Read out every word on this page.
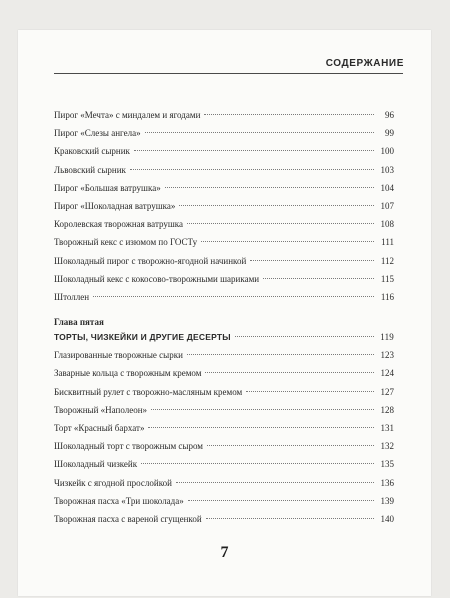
СОДЕРЖАНИЕ
Пирог «Мечта» с миндалем и ягодами	96
Пирог «Слезы ангела»	99
Краковский сырник	100
Львовский сырник	103
Пирог «Большая ватрушка»	104
Пирог «Шоколадная ватрушка»	107
Королевская творожная ватрушка	108
Творожный кекс с изюмом по ГОСТу	111
Шоколадный пирог с творожно-ягодной начинкой	112
Шоколадный кекс с кокосово-творожными шариками	115
Штоллен	116
Глава пятая
ТОРТЫ, ЧИЗКЕЙКИ И ДРУГИЕ ДЕСЕРТЫ	119
Глазированные творожные сырки	123
Заварные кольца с творожным кремом	124
Бисквитный рулет с творожно-масляным кремом	127
Творожный «Наполеон»	128
Торт «Красный бархат»	131
Шоколадный торт с творожным сыром	132
Шоколадный чизкейк	135
Чизкейк с ягодной прослойкой	136
Творожная пасха «Три шоколада»	139
Творожная пасха с вареной сгущенкой	140
7
